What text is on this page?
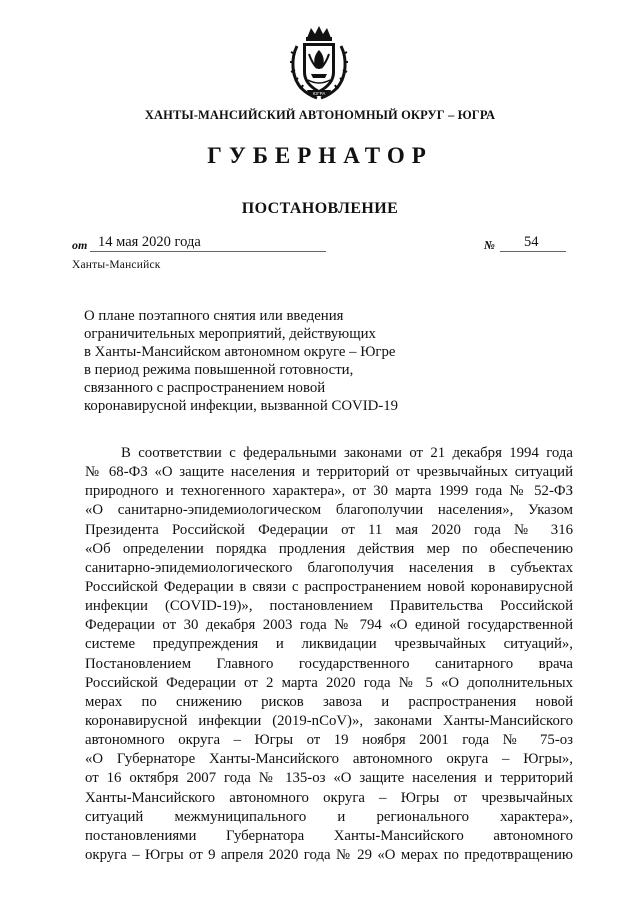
ЮГРА
ХАНТЫ-МАНСИЙСКИЙ АВТОНОМНЫЙ ОКРУГ – ЮГРА
ГУБЕРНАТОР
ПОСТАНОВЛЕНИЕ
от 14 мая 2020 года	№ 54
Ханты-Мансийск
О плане поэтапного снятия или введения
ограничительных мероприятий, действующих
в Ханты-Мансийском автономном округе – Югре
в период режима повышенной готовности,
связанного с распространением новой
коронавирусной инфекции, вызванной COVID-19
В соответствии с федеральными законами от 21 декабря 1994 года
№ 68-ФЗ «О защите населения и территорий от чрезвычайных ситуаций
природного и техногенного характера», от 30 марта 1999 года № 52-ФЗ
«О санитарно-эпидемиологическом благополучии населения», Указом
Президента Российской Федерации от 11 мая 2020 года № 316
«Об определении порядка продления действия мер по обеспечению
санитарно-эпидемиологического благополучия населения в субъектах
Российской Федерации в связи с распространением новой коронавирусной
инфекции (COVID-19)», постановлением Правительства Российской
Федерации от 30 декабря 2003 года № 794 «О единой государственной
системе предупреждения и ликвидации чрезвычайных ситуаций»,
Постановлением Главного государственного санитарного врача
Российской Федерации от 2 марта 2020 года № 5 «О дополнительных
мерах по снижению рисков завоза и распространения новой
коронавирусной инфекции (2019-nCoV)», законами Ханты-Мансийского
автономного округа – Югры от 19 ноября 2001 года № 75-оз
«О Губернаторе Ханты-Мансийского автономного округа – Югры»,
от 16 октября 2007 года № 135-оз «О защите населения и территорий
Ханты-Мансийского автономного округа – Югры от чрезвычайных
ситуаций межмуниципального и регионального характера»,
постановлениями Губернатора Ханты-Мансийского автономного
округа – Югры от 9 апреля 2020 года № 29 «О мерах по предотвращению
